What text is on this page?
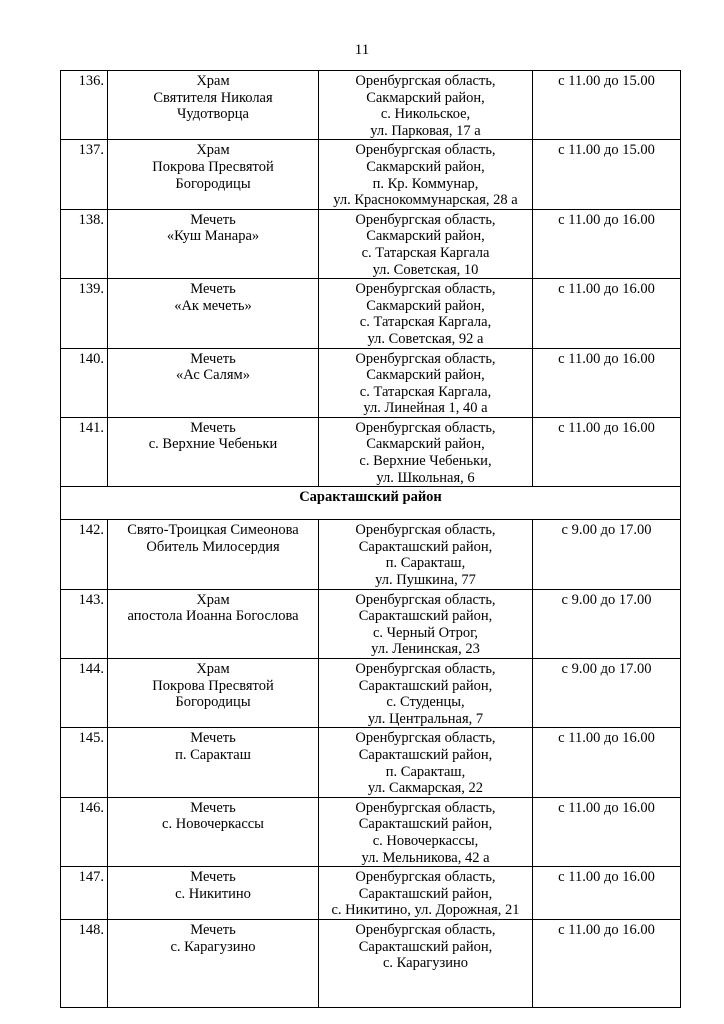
11
136.	Храм
Святителя Николая
Чудотворца	Оренбургская область,
Сакмарский район,
с. Никольское,
ул. Парковая, 17 а	с 11.00 до 15.00
137.	Храм
Покрова Пресвятой
Богородицы	Оренбургская область,
Сакмарский район,
п. Кр. Коммунар,
ул. Краснокоммунарская, 28 а	с 11.00 до 15.00
138.	Мечеть
«Куш Манара»	Оренбургская область,
Сакмарский район,
с. Татарская Каргала
ул. Советская, 10	с 11.00 до 16.00
139.	Мечеть
«Ак мечеть»	Оренбургская область,
Сакмарский район,
с. Татарская Каргала,
ул. Советская, 92 а	с 11.00 до 16.00
140.	Мечеть
«Ас Салям»	Оренбургская область,
Сакмарский район,
с. Татарская Каргала,
ул. Линейная 1, 40 а	с 11.00 до 16.00
141.	Мечеть
с. Верхние Чебеньки	Оренбургская область,
Сакмарский район,
с. Верхние Чебеньки,
ул. Школьная, 6	с 11.00 до 16.00
Саракташский район			
142.	Свято-Троицкая Симеонова
Обитель Милосердия	Оренбургская область,
Саракташский район,
п. Саракташ,
ул. Пушкина, 77	с 9.00 до 17.00
143.	Храм
апостола Иоанна Богослова	Оренбургская область,
Саракташский район,
с. Черный Отрог,
ул. Ленинская, 23	с 9.00 до 17.00
144.	Храм
Покрова Пресвятой
Богородицы	Оренбургская область,
Саракташский район,
с. Студенцы,
ул. Центральная, 7	с 9.00 до 17.00
145.	Мечеть
п. Саракташ	Оренбургская область,
Саракташский район,
п. Саракташ,
ул. Сакмарская, 22	с 11.00 до 16.00
146.	Мечеть
с. Новочеркассы	Оренбургская область,
Саракташский район,
с. Новочеркассы,
ул. Мельникова, 42 а	с 11.00 до 16.00
147.	Мечеть
с. Никитино	Оренбургская область,
Саракташский район,
с. Никитино, ул. Дорожная, 21	с 11.00 до 16.00
148.	Мечеть
с. Карагузино	Оренбургская область,
Саракташский район,
с. Карагузино	с 11.00 до 16.00
